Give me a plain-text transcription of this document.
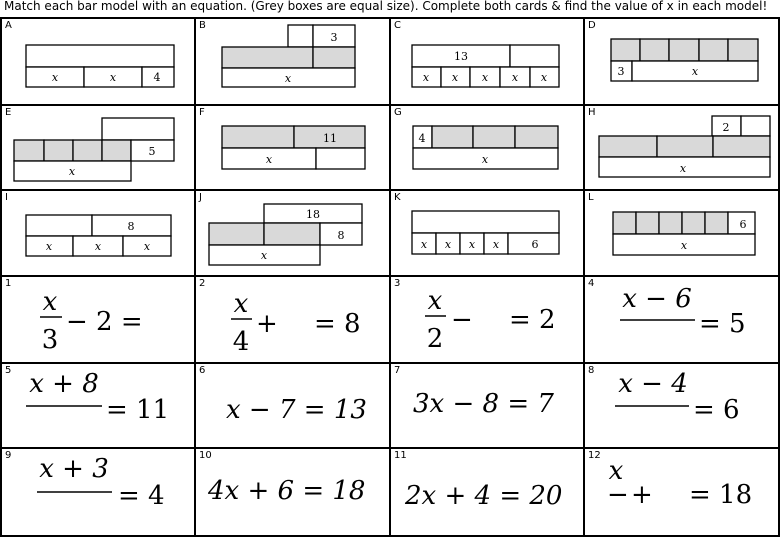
Match each bar model with an equation. (Grey boxes are equal size). Complete both cards & find the value of x in each model!
A
x	x	4
B
3
x
C
13
x x x x x
D
3	x
E
5
x
F
11
x
G
4
x
H
2
x
I
8
x	x	x
J
18
8
x
K
x x x x	6
L
6
x
1
x
3
− 2 =
2
x
4
+ = 8
3
x
2
− = 2
4
x − 6
= 5
5 x + 8
= 11
6
x − 7 = 13
7
3x − 8 = 7
8 x − 4
= 6
9 x + 3
= 4
10
4x + 6 = 18
11
2x + 4 = 20
12
x
− + = 18
